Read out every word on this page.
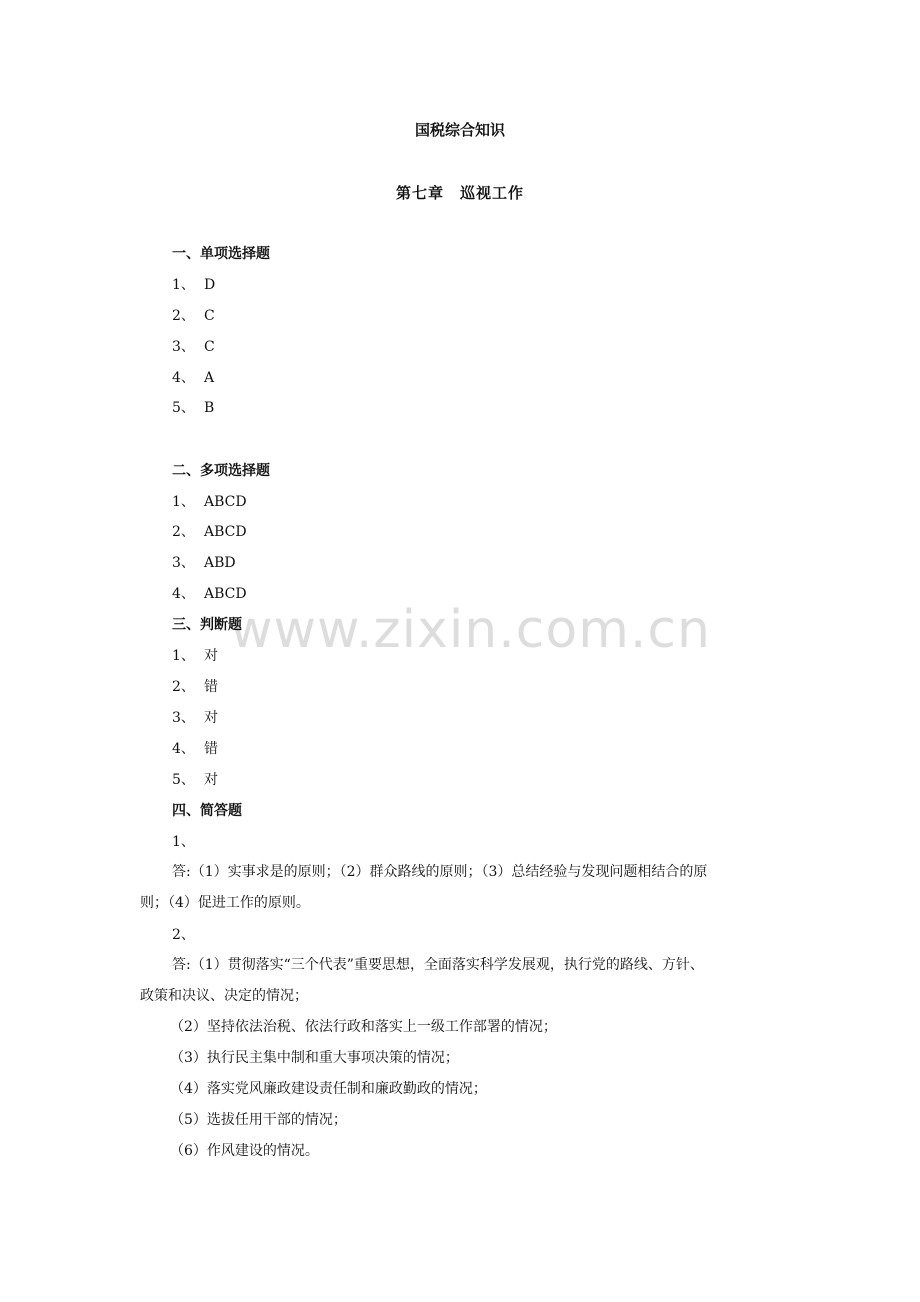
www.zixin.com.cn
国税综合知识
第七章　巡视工作
一、单项选择题
1、 D
2、 C
3、 C
4、 A
5、 B
二、多项选择题
1、 ABCD
2、 ABCD
3、 ABD
4、 ABCD
三、判断题
1、 对
2、 错
3、 对
4、 错
5、 对
四、简答题
1、
答:（1）实事求是的原则；（2）群众路线的原则；（3）总结经验与发现问题相结合的原
则；（4）促进工作的原则。
2、
答:（1）贯彻落实“三个代表”重要思想，全面落实科学发展观，执行党的路线、方针、
政策和决议、决定的情况；
（2）坚持依法治税、依法行政和落实上一级工作部署的情况；
（3）执行民主集中制和重大事项决策的情况；
（4）落实党风廉政建设责任制和廉政勤政的情况；
（5）选拔任用干部的情况；
（6）作风建设的情况。
